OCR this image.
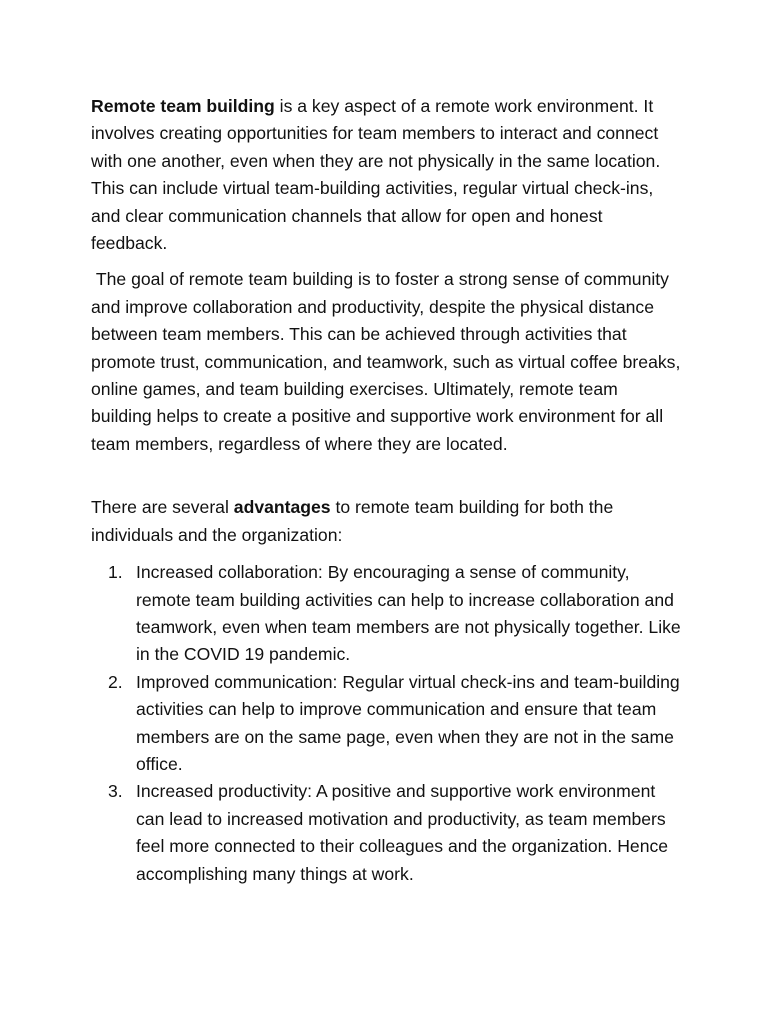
Remote team building is a key aspect of a remote work environment. It involves creating opportunities for team members to interact and connect with one another, even when they are not physically in the same location. This can include virtual team-building activities, regular virtual check-ins, and clear communication channels that allow for open and honest feedback.

The goal of remote team building is to foster a strong sense of community and improve collaboration and productivity, despite the physical distance between team members. This can be achieved through activities that promote trust, communication, and teamwork, such as virtual coffee breaks, online games, and team building exercises. Ultimately, remote team building helps to create a positive and supportive work environment for all team members, regardless of where they are located.

There are several advantages to remote team building for both the individuals and the organization:

1. Increased collaboration: By encouraging a sense of community, remote team building activities can help to increase collaboration and teamwork, even when team members are not physically together. Like in the COVID 19 pandemic.
2. Improved communication: Regular virtual check-ins and team-building activities can help to improve communication and ensure that team members are on the same page, even when they are not in the same office.
3. Increased productivity: A positive and supportive work environment can lead to increased motivation and productivity, as team members feel more connected to their colleagues and the organization. Hence accomplishing many things at work.
